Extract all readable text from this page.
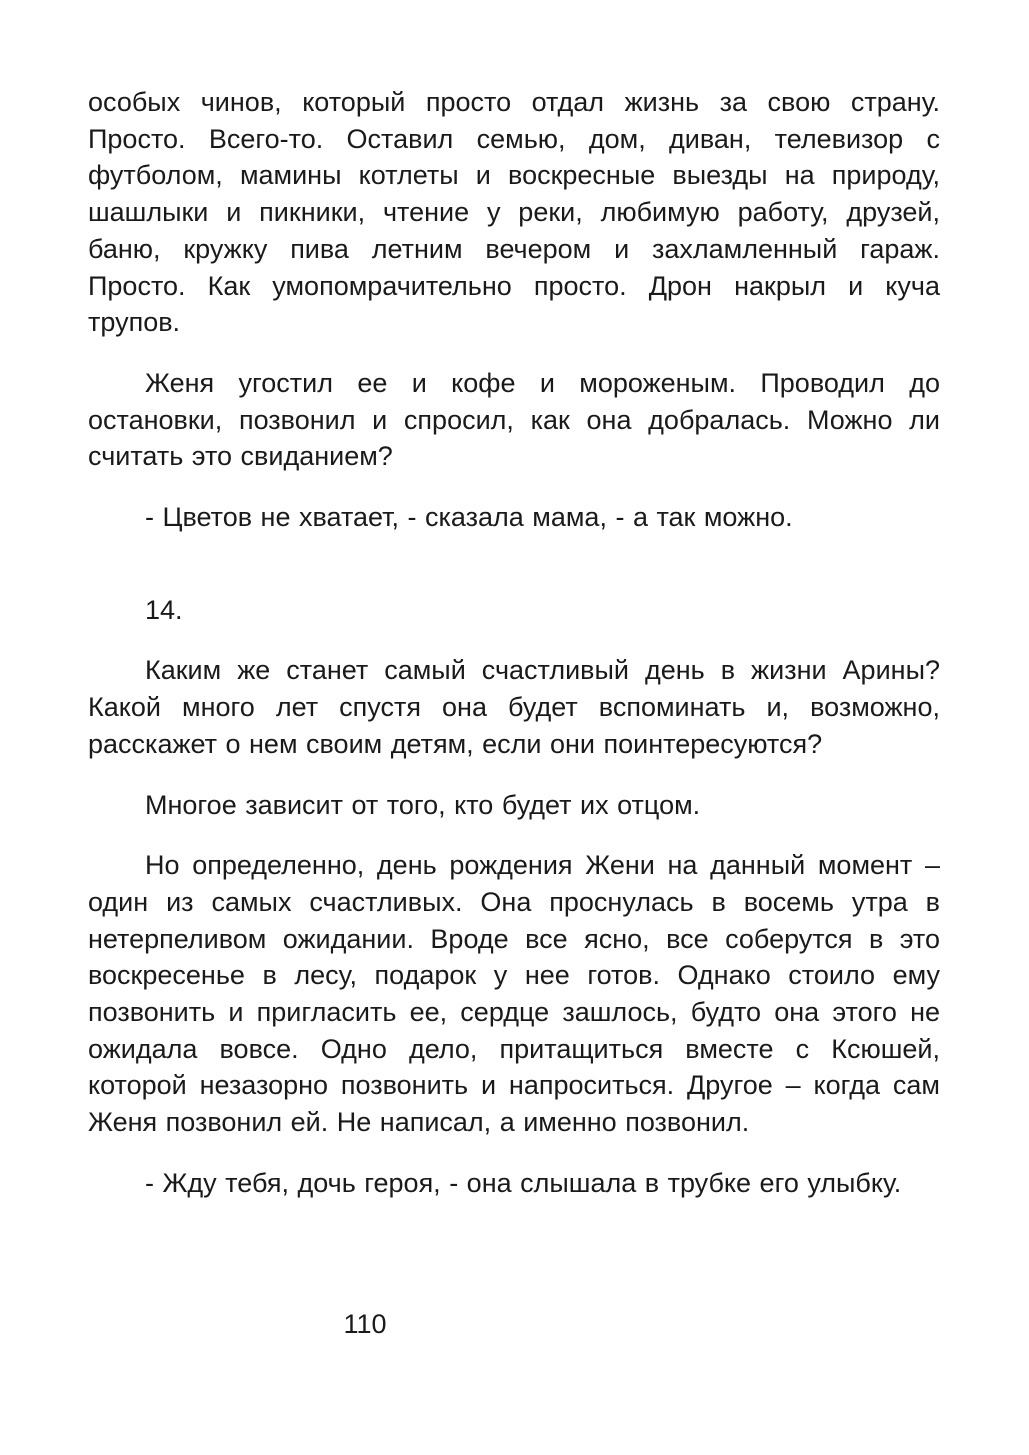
особых чинов, который просто отдал жизнь за свою страну. Просто. Всего-то. Оставил семью, дом, диван, телевизор с футболом, мамины котлеты и воскресные выезды на природу, шашлыки и пикники, чтение у реки, любимую работу, друзей, баню, кружку пива летним вечером и захламленный гараж. Просто. Как умопомрачительно просто. Дрон накрыл и куча трупов.

Женя угостил ее и кофе и мороженым. Проводил до остановки, позвонил и спросил, как она добралась. Можно ли считать это свиданием?

- Цветов не хватает, - сказала мама, - а так можно.

14.

Каким же станет самый счастливый день в жизни Арины? Какой много лет спустя она будет вспоминать и, возможно, расскажет о нем своим детям, если они поинтересуются?

Многое зависит от того, кто будет их отцом.

Но определенно, день рождения Жени на данный момент – один из самых счастливых. Она проснулась в восемь утра в нетерпеливом ожидании. Вроде все ясно, все соберутся в это воскресенье в лесу, подарок у нее готов. Однако стоило ему позвонить и пригласить ее, сердце зашлось, будто она этого не ожидала вовсе. Одно дело, притащиться вместе с Ксюшей, которой незазорно позвонить и напроситься. Другое – когда сам Женя позвонил ей. Не написал, а именно позвонил.

- Жду тебя, дочь героя, - она слышала в трубке его улыбку.

110
